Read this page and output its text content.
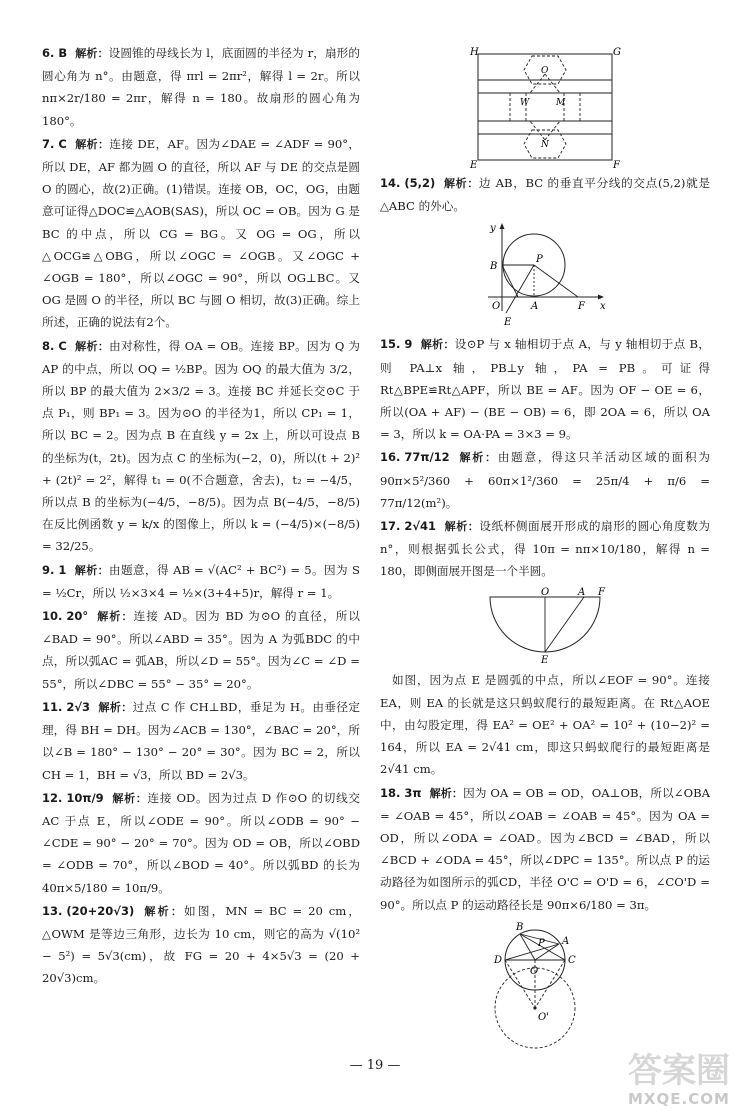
6. B 解析：设圆锥的母线长为 l，底面圆的半径为 r，扇形的圆心角为 n°。由题意，得 πrl = 2πr²，解得 l = 2r。所以 nπ×2r/180 = 2πr，解得 n = 180。故扇形的圆心角为180°。
7. C 解析：连接 DE，AF。因为∠DAE = ∠ADF = 90°，所以 DE，AF 都为圆 O 的直径，所以 AF 与 DE 的交点是圆 O 的圆心，故(2)正确。(1)错误。连接 OB，OC，OG，由题意可证得△DOC≌△AOB(SAS)，所以 OC = OB。因为 G 是 BC 的中点，所以 CG = BG。又 OG = OG，所以△OCG≌△OBG，所以∠OGC = ∠OGB。又∠OGC + ∠OGB = 180°，所以∠OGC = 90°，所以 OG⊥BC。又 OG 是圆 O 的半径，所以 BC 与圆 O 相切，故(3)正确。综上所述，正确的说法有2个。
8. C 解析：由对称性，得 OA = OB。连接 BP。因为 Q 为 AP 的中点，所以 OQ = ½BP。因为 OQ 的最大值为 3/2，所以 BP 的最大值为 2×3/2 = 3。连接 BC 并延长交⊙C 于点 P₁，则 BP₁ = 3。因为⊙O 的半径为1，所以 CP₁ = 1，所以 BC = 2。因为点 B 在直线 y = 2x 上，所以可设点 B 的坐标为(t，2t)。因为点 C 的坐标为(−2，0)，所以(t + 2)² + (2t)² = 2²，解得 t₁ = 0(不合题意，舍去)，t₂ = −4/5，所以点 B 的坐标为(−4/5，−8/5)。因为点 B(−4/5，−8/5)在反比例函数 y = k/x 的图像上，所以 k = (−4/5)×(−8/5) = 32/25。
9. 1 解析：由题意，得 AB = √(AC² + BC²) = 5。因为 S = ½Cr，所以 ½×3×4 = ½×(3+4+5)r，解得 r = 1。
10. 20° 解析：连接 AD。因为 BD 为⊙O 的直径，所以∠BAD = 90°。所以∠ABD = 35°。因为 A 为弧BDC 的中点，所以弧AC = 弧AB，所以∠D = 55°。因为∠C = ∠D = 55°，所以∠DBC = 55° − 35° = 20°。
11. 2√3 解析：过点 C 作 CH⊥BD，垂足为 H。由垂径定理，得 BH = DH。因为∠ACB = 130°，∠BAC = 20°，所以∠B = 180° − 130° − 20° = 30°。因为 BC = 2，所以 CH = 1，BH = √3，所以 BD = 2√3。
12. 10π/9 解析：连接 OD。因为过点 D 作⊙O 的切线交 AC 于点 E，所以∠ODE = 90°。所以∠ODB = 90° − ∠CDE = 90° − 20° = 70°。因为 OD = OB，所以∠OBD = ∠ODB = 70°，所以∠BOD = 40°。所以弧BD 的长为 40π×5/180 = 10π/9。
13. (20+20√3) 解析：如图，MN = BC = 20 cm，△OWM 是等边三角形，边长为 10 cm，则它的高为 √(10² − 5²) = 5√3(cm)，故 FG = 20 + 4×5√3 = (20 + 20√3)cm。
H	G
E	F
O
W	M
N
14. (5,2) 解析：边 AB，BC 的垂直平分线的交点(5,2)就是△ABC 的外心。
y
B
P
O	A
E
F x
15. 9 解析：设⊙P 与 x 轴相切于点 A，与 y 轴相切于点 B，则 PA⊥x 轴，PB⊥y 轴，PA = PB。可证得 Rt△BPE≌Rt△APF，所以 BE = AF。因为 OF − OE = 6，所以(OA + AF) − (BE − OB) = 6，即 2OA = 6，所以 OA = 3，所以 k = OA·PA = 3×3 = 9。
16. 77π/12 解析：由题意，得这只羊活动区域的面积为 90π×5²/360 + 60π×1²/360 = 25π/4 + π/6 = 77π/12(m²)。
17. 2√41 解析：设纸杯侧面展开形成的扇形的圆心角度数为 n°，则根据弧长公式，得 10π = nπ×10/180，解得 n = 180，即侧面展开图是一个半圆。
O	A F
E
如图，因为点 E 是圆弧的中点，所以∠EOF = 90°。连接 EA，则 EA 的长就是这只蚂蚁爬行的最短距离。在 Rt△AOE 中，由勾股定理，得 EA² = OE² + OA² = 10² + (10−2)² = 164，所以 EA = 2√41 cm，即这只蚂蚁爬行的最短距离是 2√41 cm。
18. 3π 解析：因为 OA = OB = OD，OA⊥OB，所以∠OBA = ∠OAB = 45°，所以∠OAB = ∠OAB = 45°。因为 OA = OD，所以∠ODA = ∠OAD。因为∠BCD = ∠BAD，所以∠BCD + ∠ODA = 45°，所以∠DPC = 135°。所以点 P 的运动路径为如图所示的弧CD，半径 O'C = O'D = 6，∠CO'D = 90°。所以点 P 的运动路径长是 90π×6/180 = 3π。
B
P A
D	C
O
O'
— 19 —	答案圈
MXQE.COM
